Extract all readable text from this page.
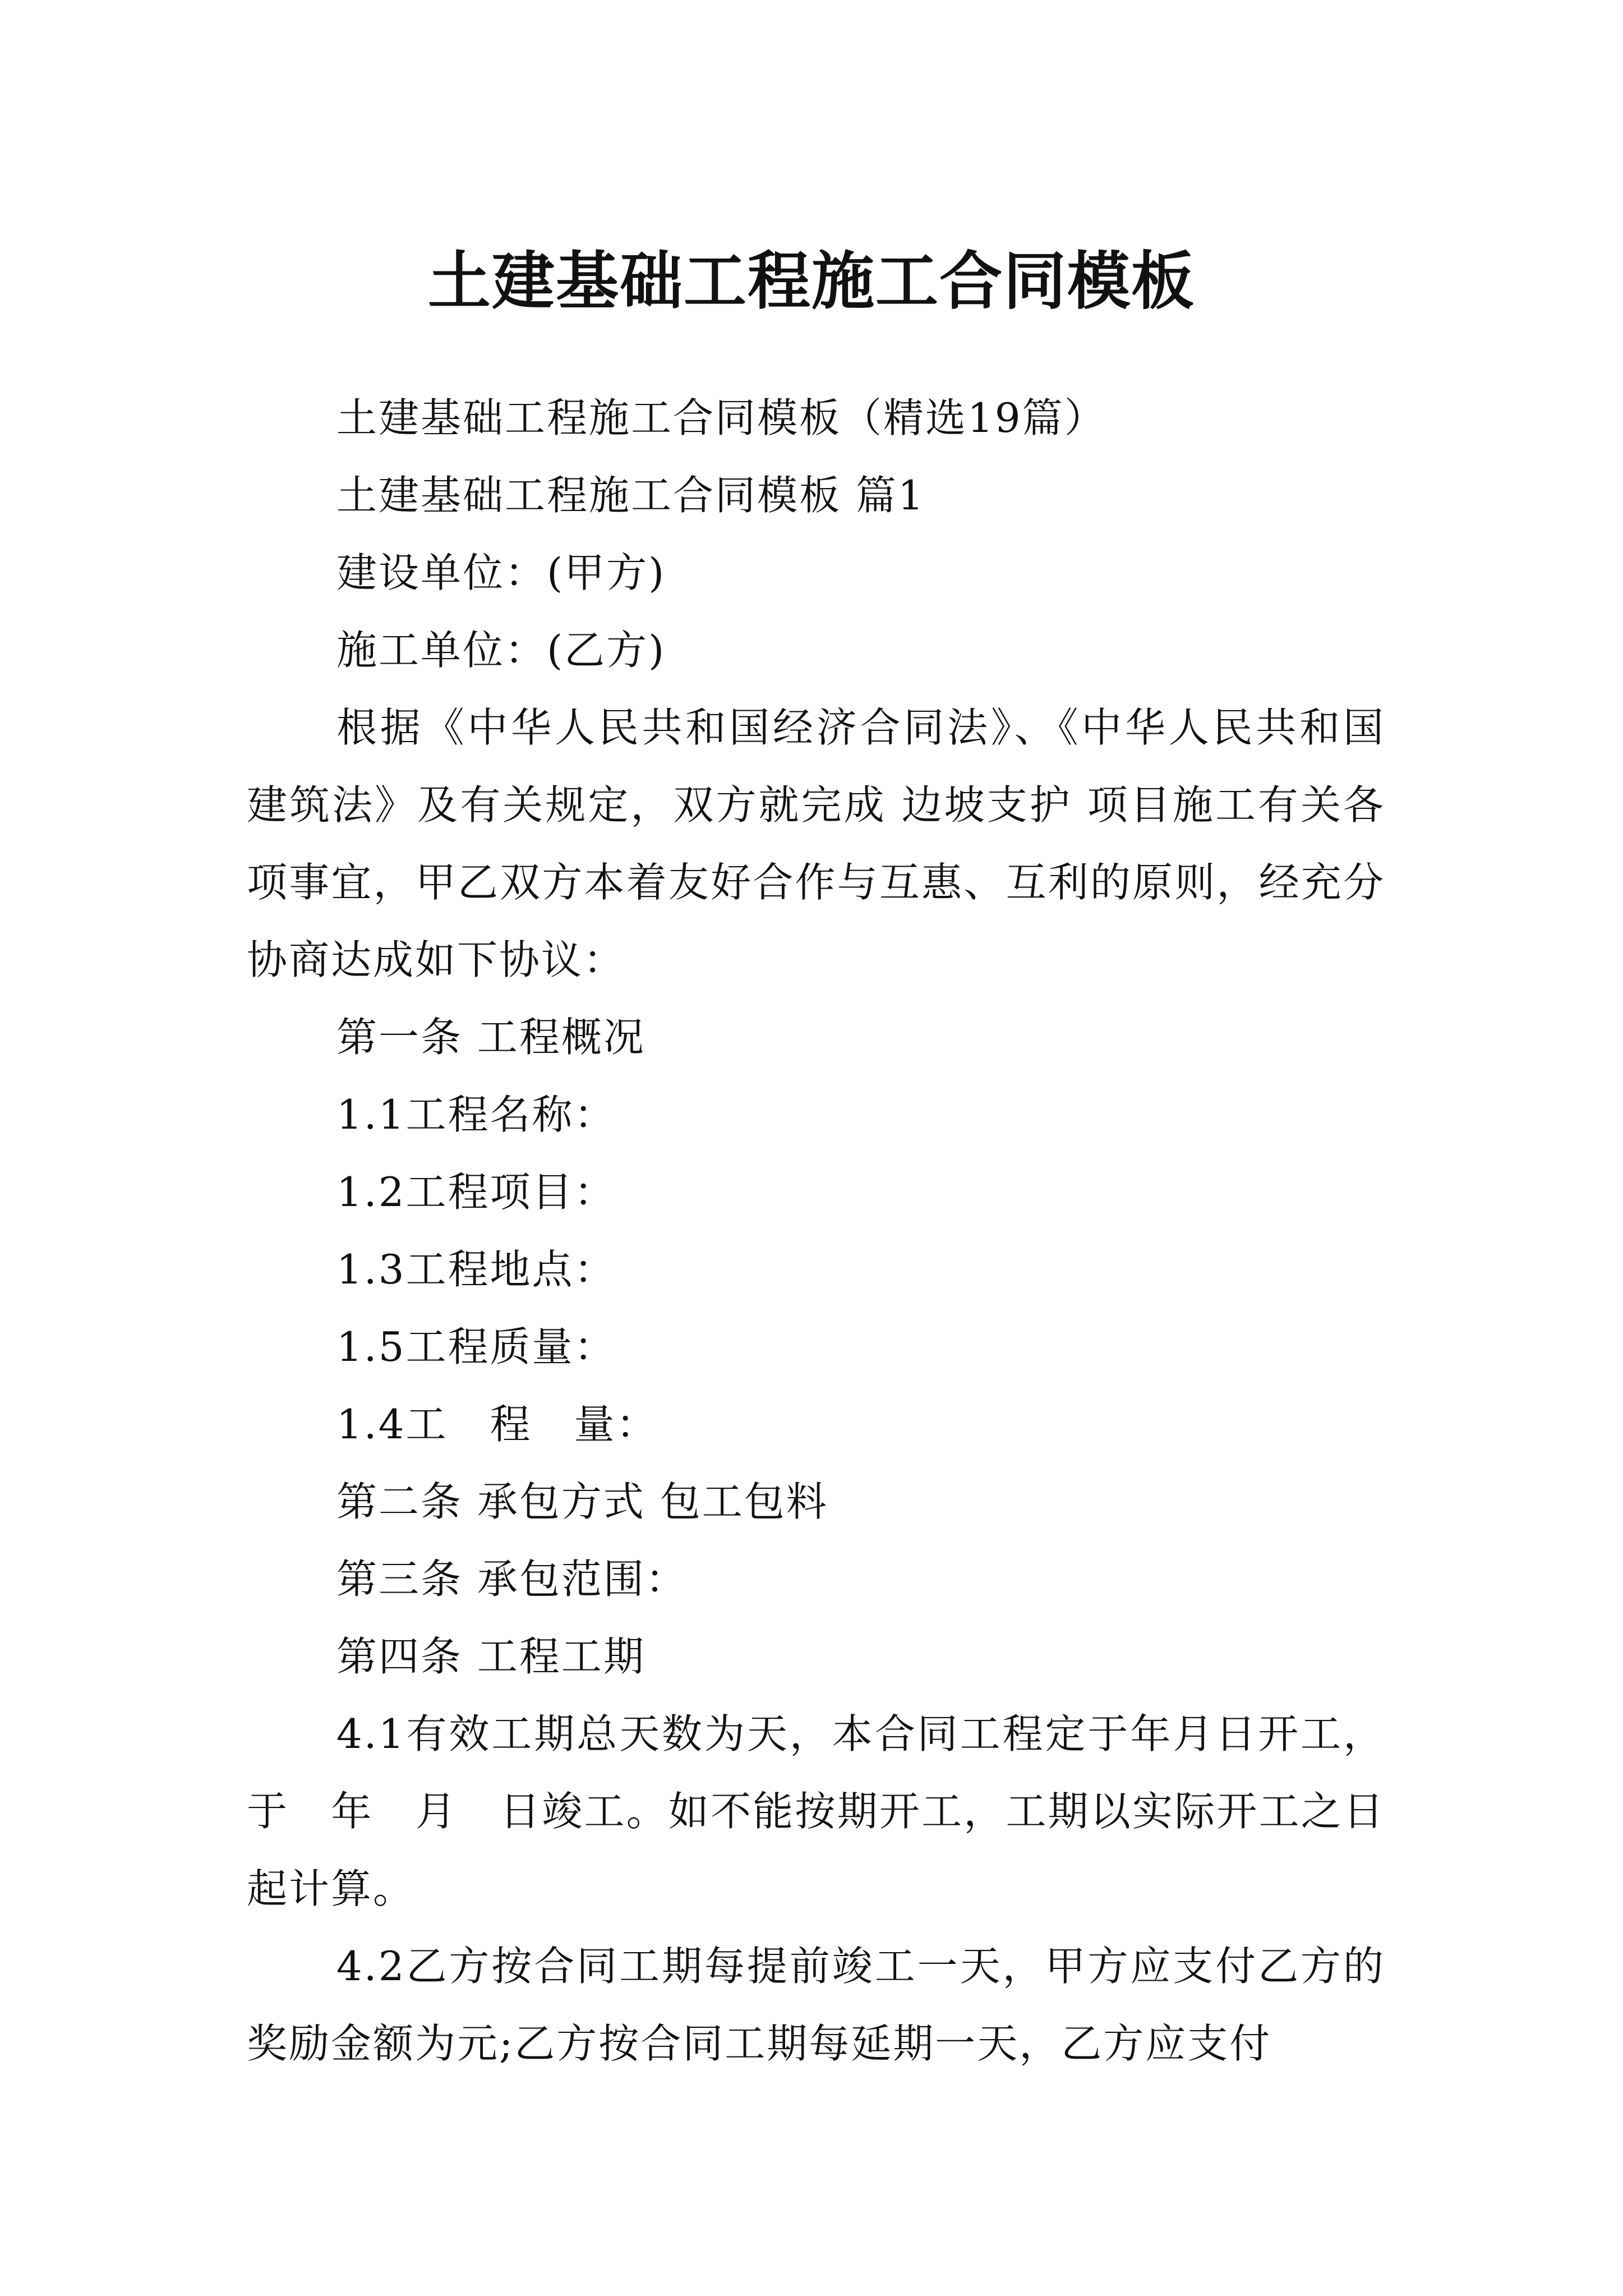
土建基础工程施工合同模板

土建基础工程施工合同模板（精选19篇）

土建基础工程施工合同模板 篇1

建设单位：(甲方)

施工单位：(乙方)

根据《中华人民共和国经济合同法》、《中华人民共和国建筑法》及有关规定，双方就完成 边坡支护 项目施工有关各项事宜，甲乙双方本着友好合作与互惠、互利的原则，经充分协商达成如下协议：

第一条 工程概况

1.1工程名称：

1.2工程项目：

1.3工程地点：

1.5工程质量：

1.4工　程　量：

第二条 承包方式 包工包料

第三条 承包范围：

第四条 工程工期

4.1有效工期总天数为天，本合同工程定于年月日开工，于　年　月　日竣工。如不能按期开工，工期以实际开工之日起计算。

4.2乙方按合同工期每提前竣工一天，甲方应支付乙方的奖励金额为元;乙方按合同工期每延期一天，乙方应支付
